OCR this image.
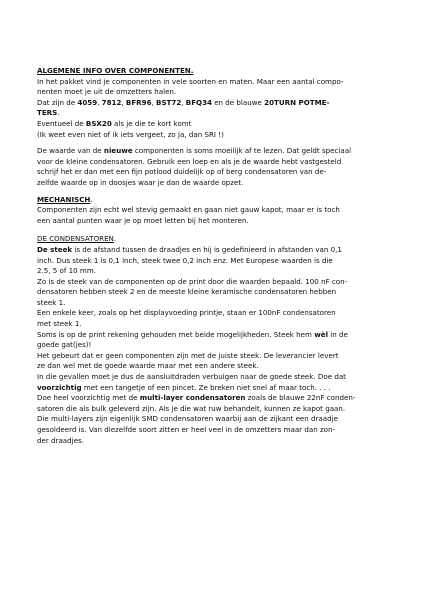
ALGEMENE INFO OVER COMPONENTEN.

In het pakket vind je componenten in vele soorten en maten. Maar een aantal compo-

nenten moet je uit de omzetters halen.

Dat zijn de 4059, 7812, BFR96, BST72, BFQ34 en de blauwe 20TURN POTME-

TERS.

Eventueel de BSX20 als je die te kort komt

(Ik weet even niet of ik iets vergeet, zo ja, dan SRI !)

De waarde van de nieuwe componenten is soms moeilijk af te lezen. Dat geldt speciaal

voor de kleine condensatoren. Gebruik een loep en als je de waarde hebt vastgesteld

schrijf het er dan met een fijn potlood duidelijk op of berg condensatoren van de-

zelfde waarde op in doosjes waar je dan de waarde opzet.

MECHANISCH.

Componenten zijn echt wel stevig gemaakt en gaan niet gauw kapot, maar er is toch

een aantal punten waar je op moet letten bij het monteren.

DE CONDENSATOREN.

De steek is de afstand tussen de draadjes en hij is gedefinieerd in afstanden van 0,1

inch. Dus steek 1 is 0,1 inch, steek twee 0,2 inch enz. Met Europese waarden is die

2.5, 5 of 10 mm.

Zo is de steek van de componenten op de print door die waarden bepaald. 100 nF con-

densatoren hebben steek 2 en de meeste kleine keramische condensatoren hebben

steek 1.

Een enkele keer, zoals op het displayvoeding printje, staan er 100nF condensatoren

met steek 1.

Soms is op de print rekening gehouden met beide mogelijkheden. Steek hem wèl in de

goede gat(jes)!

Het gebeurt dat er geen componenten zijn met de juiste steek. De leverancier levert

ze dan wel met de goede waarde maar met een andere steek.

In die gevallen moet je dus de aansluitdraden verbuigen naar de goede steek. Doe dat

voorzichtig met een tangetje of een pincet. Ze breken niet snel af maar toch. . . .

Doe heel voorzichtig met de multi-layer condensatoren zoals de blauwe 22nF conden-

satoren die als bulk geleverd zijn. Als je die wat ruw behandelt, kunnen ze kapot gaan.

Die multi-layers zijn eigenlijk SMD condensatoren waarbij aan de zijkant een draadje

gesoldeerd is. Van diezelfde soort zitten er heel veel in de omzetters maar dan zon-

der draadjes.
